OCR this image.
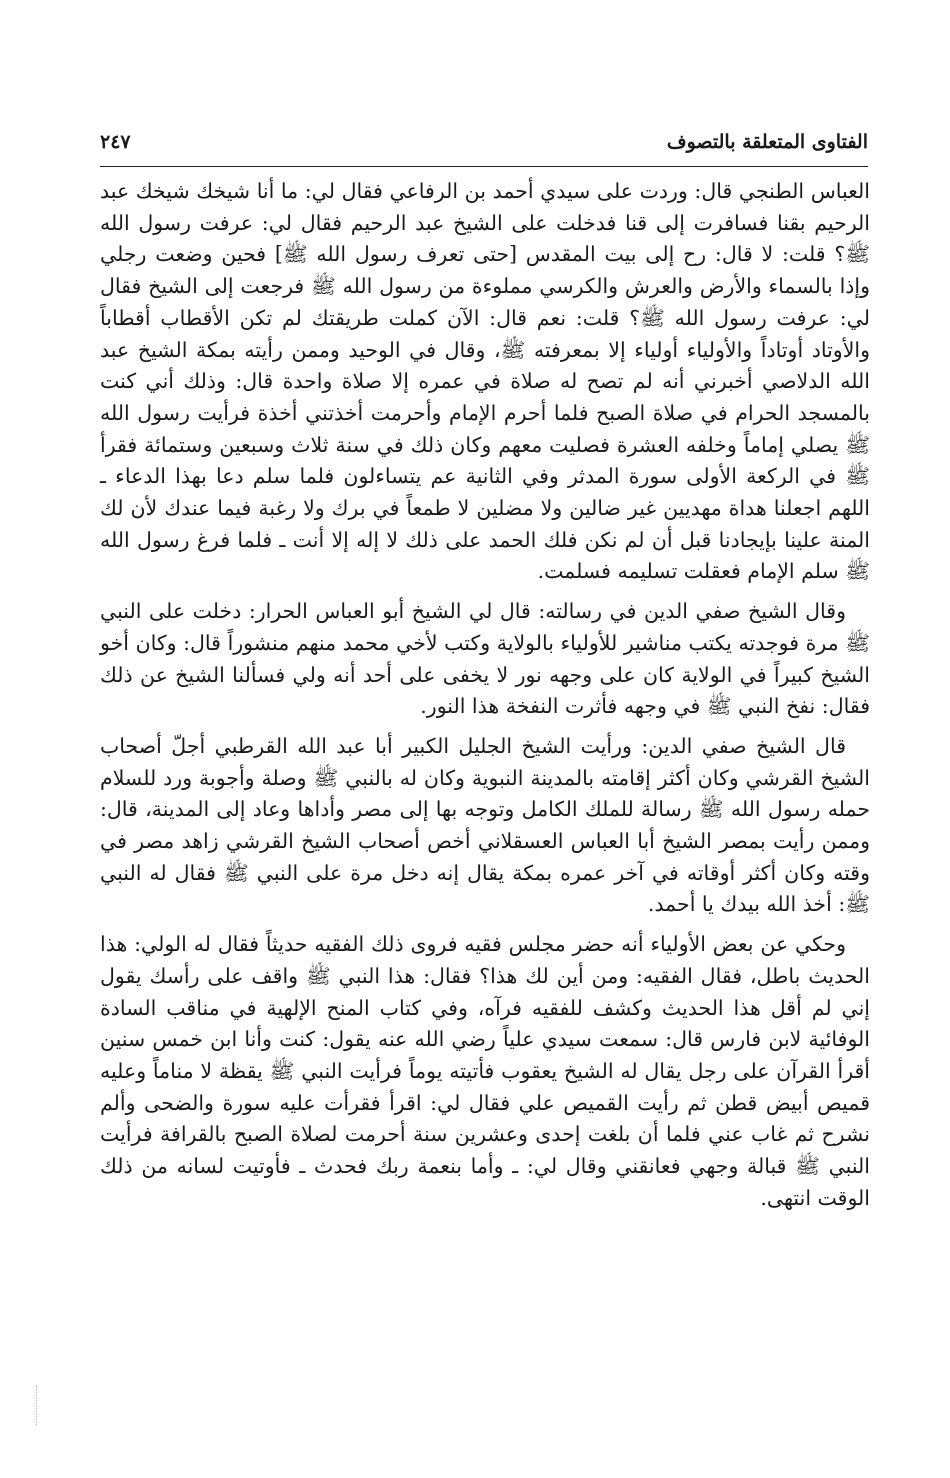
الفتاوى المتعلقة بالتصوف
٢٤٧

العباس الطنجي قال: وردت على سيدي أحمد بن الرفاعي فقال لي: ما أنا شيخك شيخك عبد الرحيم بقنا فسافرت إلى قنا فدخلت على الشيخ عبد الرحيم فقال لي: عرفت رسول الله ﷺ؟ قلت: لا قال: رح إلى بيت المقدس [حتى تعرف رسول الله ﷺ] فحين وضعت رجلي وإذا بالسماء والأرض والعرش والكرسي مملوءة من رسول الله ﷺ فرجعت إلى الشيخ فقال لي: عرفت رسول الله ﷺ؟ قلت: نعم قال: الآن كملت طريقتك لم تكن الأقطاب أقطاباً والأوتاد أوتاداً والأولياء أولياء إلا بمعرفته ﷺ، وقال في الوحيد وممن رأيته بمكة الشيخ عبد الله الدلاصي أخبرني أنه لم تصح له صلاة في عمره إلا صلاة واحدة قال: وذلك أني كنت بالمسجد الحرام في صلاة الصبح فلما أحرم الإمام وأحرمت أخذتني أخذة فرأيت رسول الله ﷺ يصلي إماماً وخلفه العشرة فصليت معهم وكان ذلك في سنة ثلاث وسبعين وستمائة فقرأ ﷺ في الركعة الأولى سورة المدثر وفي الثانية عم يتساءلون فلما سلم دعا بهذا الدعاء ـ اللهم اجعلنا هداة مهديين غير ضالين ولا مضلين لا طمعاً في برك ولا رغبة فيما عندك لأن لك المنة علينا بإيجادنا قبل أن لم نكن فلك الحمد على ذلك لا إله إلا أنت ـ فلما فرغ رسول الله ﷺ سلم الإمام فعقلت تسليمه فسلمت.

وقال الشيخ صفي الدين في رسالته: قال لي الشيخ أبو العباس الحرار: دخلت على النبي ﷺ مرة فوجدته يكتب مناشير للأولياء بالولاية وكتب لأخي محمد منهم منشوراً قال: وكان أخو الشيخ كبيراً في الولاية كان على وجهه نور لا يخفى على أحد أنه ولي فسألنا الشيخ عن ذلك فقال: نفخ النبي ﷺ في وجهه فأثرت النفخة هذا النور.

قال الشيخ صفي الدين: ورأيت الشيخ الجليل الكبير أبا عبد الله القرطبي أجلّ أصحاب الشيخ القرشي وكان أكثر إقامته بالمدينة النبوية وكان له بالنبي ﷺ وصلة وأجوبة ورد للسلام حمله رسول الله ﷺ رسالة للملك الكامل وتوجه بها إلى مصر وأداها وعاد إلى المدينة، قال: وممن رأيت بمصر الشيخ أبا العباس العسقلاني أخص أصحاب الشيخ القرشي زاهد مصر في وقته وكان أكثر أوقاته في آخر عمره بمكة يقال إنه دخل مرة على النبي ﷺ فقال له النبي ﷺ: أخذ الله بيدك يا أحمد.

وحكي عن بعض الأولياء أنه حضر مجلس فقيه فروى ذلك الفقيه حديثاً فقال له الولي: هذا الحديث باطل، فقال الفقيه: ومن أين لك هذا؟ فقال: هذا النبي ﷺ واقف على رأسك يقول إني لم أقل هذا الحديث وكشف للفقيه فرآه، وفي كتاب المنح الإلهية في مناقب السادة الوفائية لابن فارس قال: سمعت سيدي علياً رضي الله عنه يقول: كنت وأنا ابن خمس سنين أقرأ القرآن على رجل يقال له الشيخ يعقوب فأتيته يوماً فرأيت النبي ﷺ يقظة لا مناماً وعليه قميص أبيض قطن ثم رأيت القميص علي فقال لي: اقرأ فقرأت عليه سورة والضحى وألم نشرح ثم غاب عني فلما أن بلغت إحدى وعشرين سنة أحرمت لصلاة الصبح بالقرافة فرأيت النبي ﷺ قبالة وجهي فعانقني وقال لي: ـ وأما بنعمة ربك فحدث ـ فأوتيت لسانه من ذلك الوقت انتهى.
